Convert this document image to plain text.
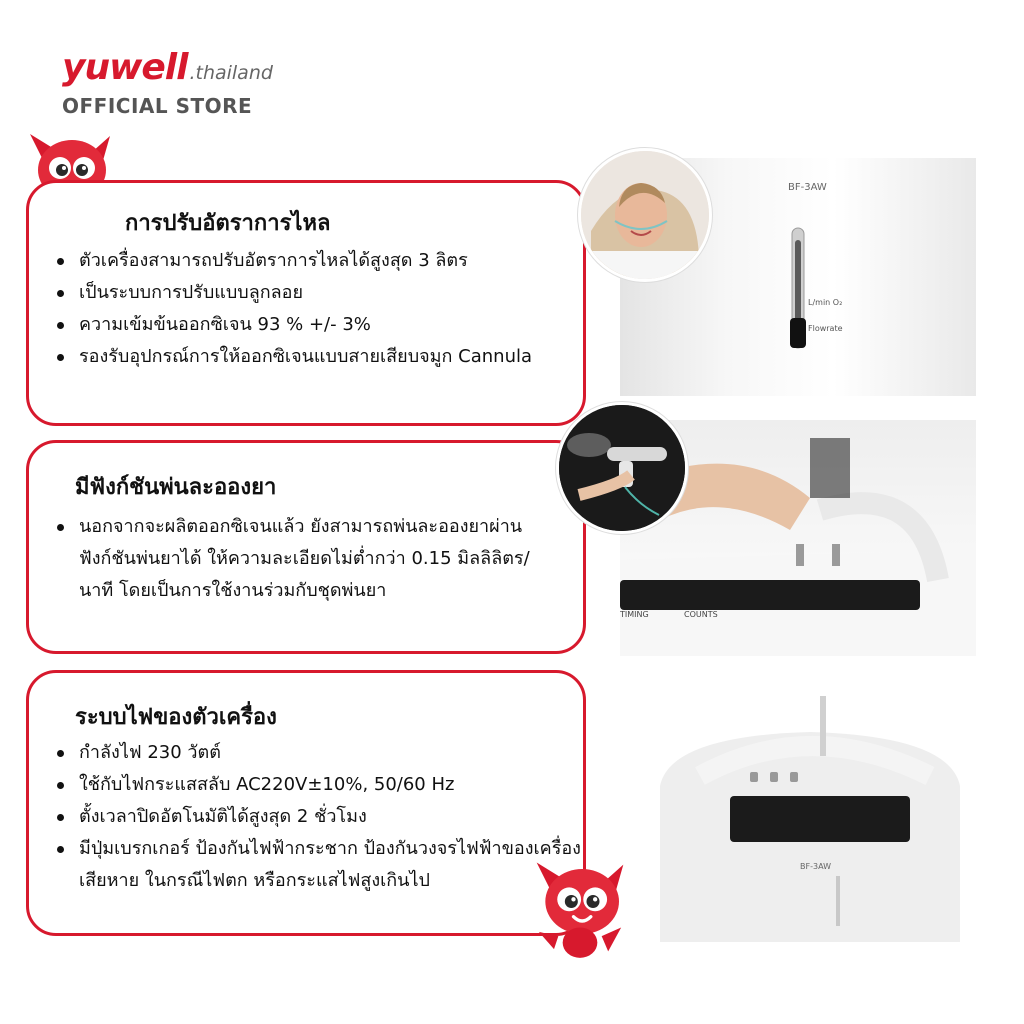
yuwell .thailand
OFFICIAL STORE
การปรับอัตราการไหล
ตัวเครื่องสามารถปรับอัตราการไหลได้สูงสุด 3 ลิตร
เป็นระบบการปรับแบบลูกลอย
ความเข้มข้นออกซิเจน 93 % +/- 3%
รองรับอุปกรณ์การให้ออกซิเจนแบบสายเสียบจมูก Cannula
มีฟังก์ชันพ่นละอองยา
นอกจากจะผลิตออกซิเจนแล้ว ยังสามารถพ่นละอองยาผ่านฟังก์ชันพ่นยาได้ ให้ความละเอียดไม่ต่ำกว่า 0.15 มิลลิลิตร/นาที โดยเป็นการใช้งานร่วมกับชุดพ่นยา
ระบบไฟของตัวเครื่อง
กำลังไฟ 230 วัตต์
ใช้กับไฟกระแสสลับ AC220V±10%, 50/60 Hz
ตั้งเวลาปิดอัตโนมัติได้สูงสุด 2 ชั่วโมง
มีปุ่มเบรกเกอร์ ป้องกันไฟฟ้ากระชาก ป้องกันวงจรไฟฟ้าของเครื่องเสียหาย ในกรณีไฟตก หรือกระแสไฟสูงเกินไป
BF-3AW
L/min O₂
Flowrate
TIMING	COUNTS
BF-3AW
